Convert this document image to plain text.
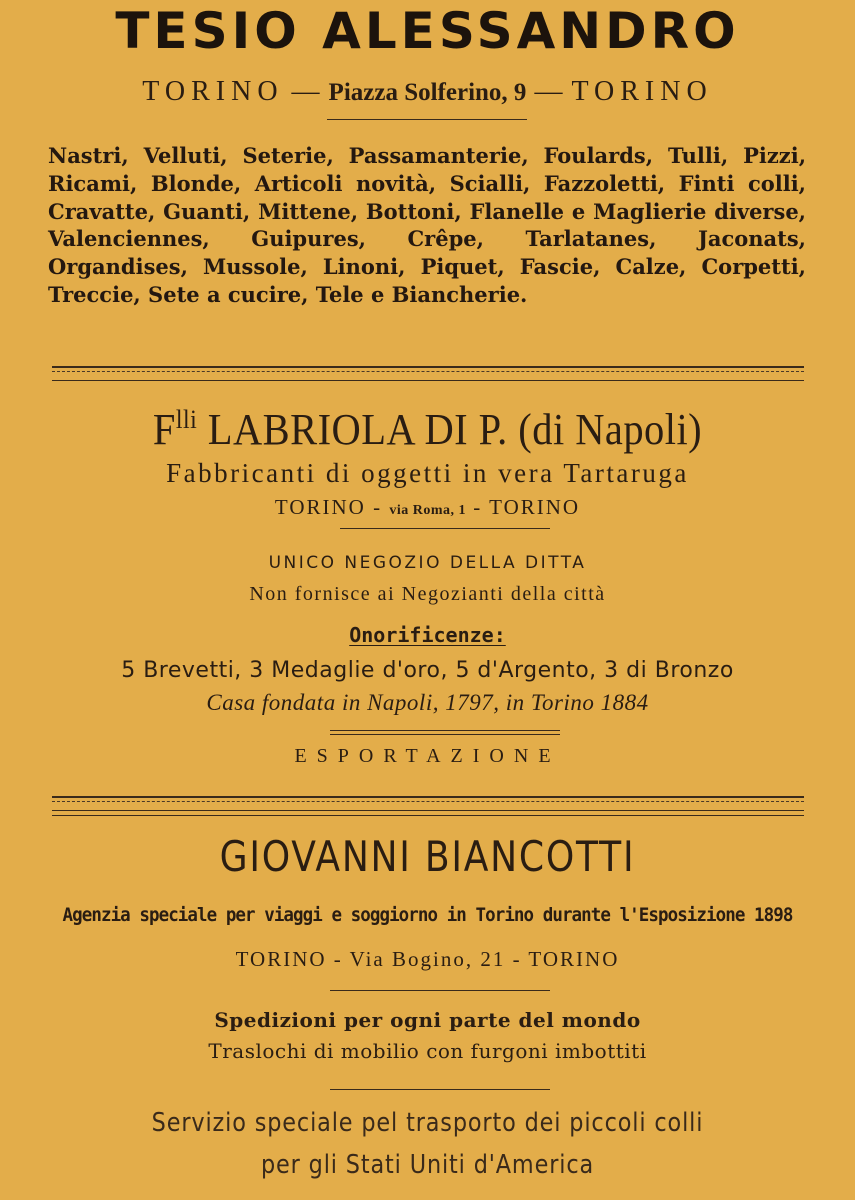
TESIO ALESSANDRO
TORINO — Piazza Solferino, 9 — TORINO
Nastri, Velluti, Seterie, Passamanterie, Foulards, Tulli, Pizzi, Ricami, Blonde, Articoli novità, Scialli, Fazzoletti, Finti colli, Cravatte, Guanti, Mittene, Bottoni, Flanelle e Maglierie diverse, Valenciennes, Guipures, Crêpe, Tarlatanes, Jaconats, Organdises, Mussole, Linoni, Piquet, Fascie, Calze, Corpetti, Treccie, Sete a cucire, Tele e Biancherie.
$F^{lli}$ LABRIOLA DI P. (di Napoli)
Fabbricanti di oggetti in vera Tartaruga
TORINO - via Roma, 1 - TORINO
UNICO NEGOZIO DELLA DITTA
Non fornisce ai Negozianti della città
Onorificenze:
5 Brevetti, 3 Medaglie d'oro, 5 d'Argento, 3 di Bronzo
Casa fondata in Napoli, 1797, in Torino 1884
ESPORTAZIONE
GIOVANNI BIANCOTTI
Agenzia speciale per viaggi e soggiorno in Torino durante l'Esposizione 1898
TORINO - Via Bogino, 21 - TORINO
Spedizioni per ogni parte del mondo
Traslochi di mobilio con furgoni imbottiti
Servizio speciale pel trasporto dei piccoli colli
per gli Stati Uniti d'America
